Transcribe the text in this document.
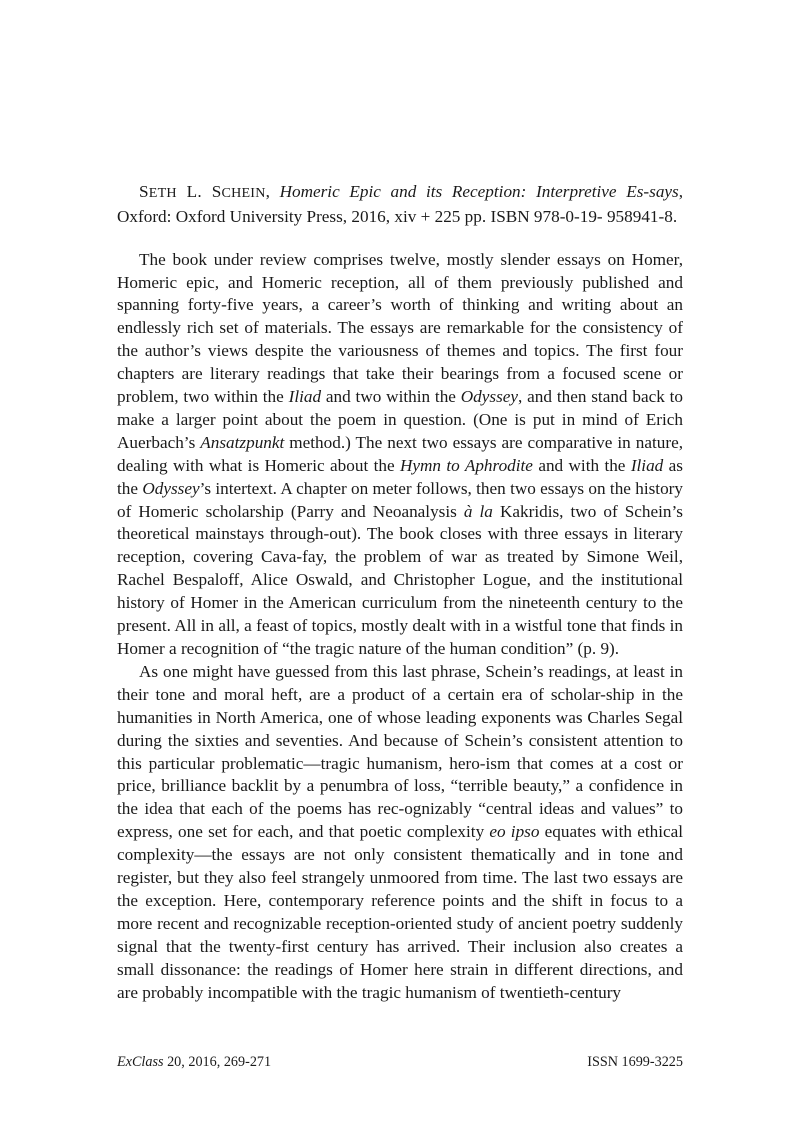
SETH L. SCHEIN, Homeric Epic and its Reception: Interpretive Es-says, Oxford: Oxford University Press, 2016, xiv + 225 pp. ISBN 978-0-19- 958941-8.

The book under review comprises twelve, mostly slender essays on Homer, Homeric epic, and Homeric reception, all of them previously published and spanning forty-five years, a career’s worth of thinking and writing about an endlessly rich set of materials. The essays are remarkable for the consistency of the author’s views despite the variousness of themes and topics. The first four chapters are literary readings that take their bearings from a focused scene or problem, two within the Iliad and two within the Odyssey, and then stand back to make a larger point about the poem in question. (One is put in mind of Erich Auerbach’s Ansatzpunkt method.) The next two essays are comparative in nature, dealing with what is Homeric about the Hymn to Aphrodite and with the Iliad as the Odyssey’s intertext. A chapter on meter follows, then two essays on the history of Homeric scholarship (Parry and Neoanalysis à la Kakridis, two of Schein’s theoretical mainstays through-out). The book closes with three essays in literary reception, covering Cava-fay, the problem of war as treated by Simone Weil, Rachel Bespaloff, Alice Oswald, and Christopher Logue, and the institutional history of Homer in the American curriculum from the nineteenth century to the present. All in all, a feast of topics, mostly dealt with in a wistful tone that finds in Homer a recognition of “the tragic nature of the human condition” (p. 9).

As one might have guessed from this last phrase, Schein’s readings, at least in their tone and moral heft, are a product of a certain era of scholar-ship in the humanities in North America, one of whose leading exponents was Charles Segal during the sixties and seventies. And because of Schein’s consistent attention to this particular problematic—tragic humanism, hero-ism that comes at a cost or price, brilliance backlit by a penumbra of loss, “terrible beauty,” a confidence in the idea that each of the poems has rec-ognizably “central ideas and values” to express, one set for each, and that poetic complexity eo ipso equates with ethical complexity—the essays are not only consistent thematically and in tone and register, but they also feel strangely unmoored from time. The last two essays are the exception. Here, contemporary reference points and the shift in focus to a more recent and recognizable reception-oriented study of ancient poetry suddenly signal that the twenty-first century has arrived. Their inclusion also creates a small dissonance: the readings of Homer here strain in different directions, and are probably incompatible with the tragic humanism of twentieth-century

ExClass 20, 2016, 269-271	ISSN 1699-3225
